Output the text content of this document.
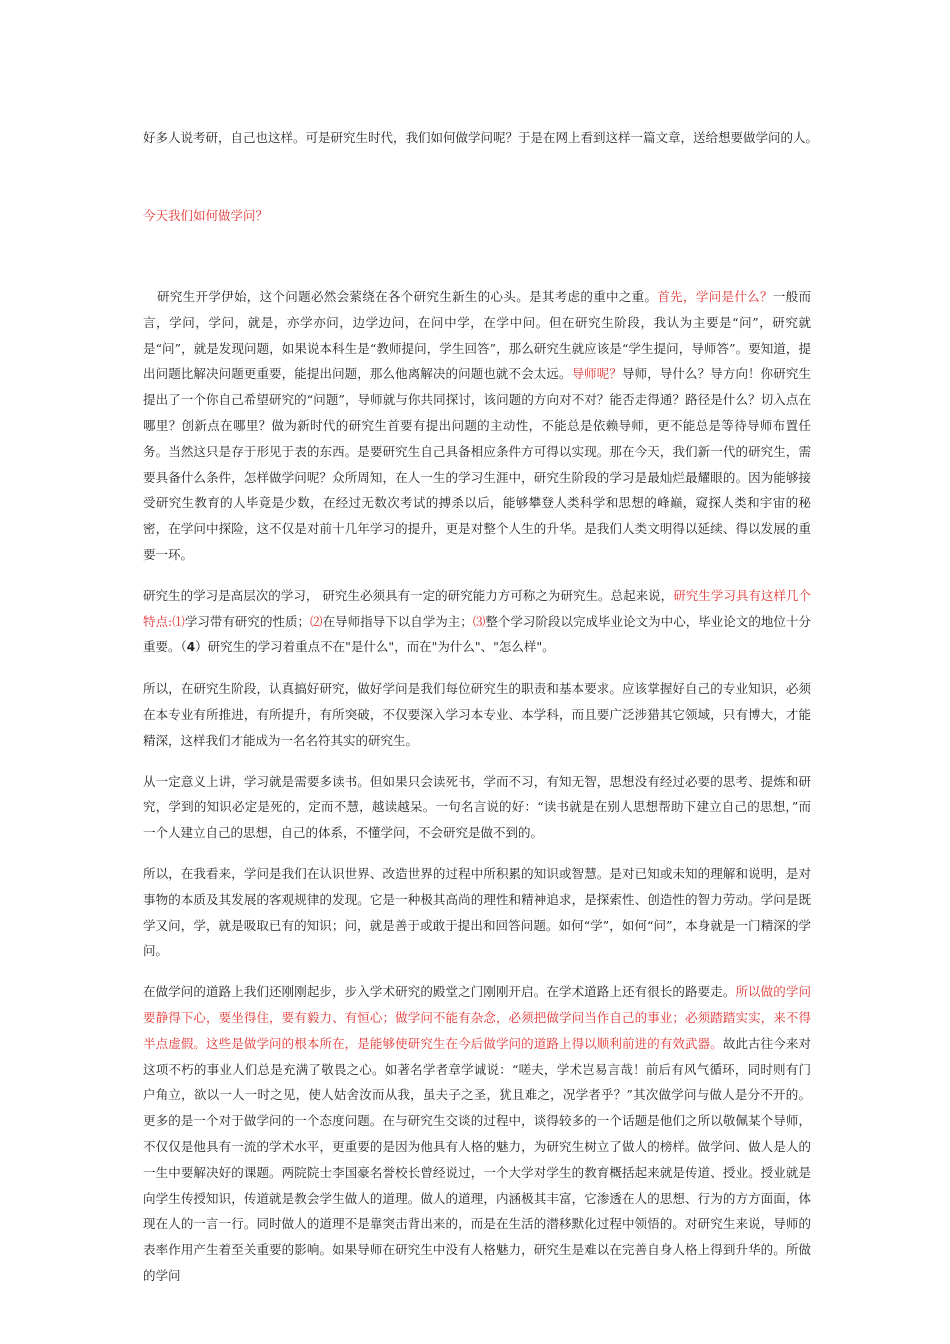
好多人说考研，自己也这样。可是研究生时代，我们如何做学问呢？于是在网上看到这样一篇文章，送给想要做学问的人。
今天我们如何做学问？

研究生开学伊始，这个问题必然会萦绕在各个研究生新生的心头。是其考虑的重中之重。首先，学问是什么？一般而言，学问，学问，就是，亦学亦问，边学边问，在问中学，在学中问。但在研究生阶段，我认为主要是“问”，研究就是“问”，就是发现问题，如果说本科生是“教师提问，学生回答”，那么研究生就应该是“学生提问，导师答”。要知道，提出问题比解决问题更重要，能提出问题，那么他离解决的问题也就不会太远。导师呢？导师，导什么？导方向！你研究生提出了一个你自己希望研究的“问题”，导师就与你共同探讨，该问题的方向对不对？能否走得通？路径是什么？切入点在哪里？创新点在哪里？做为新时代的研究生首要有提出问题的主动性，不能总是依赖导师，更不能总是等待导师布置任务。当然这只是存于形见于表的东西。是要研究生自己具备相应条件方可得以实现。那在今天，我们新一代的研究生，需要具备什么条件，怎样做学问呢？众所周知，在人一生的学习生涯中，研究生阶段的学习是最灿烂最耀眼的。因为能够接受研究生教育的人毕竟是少数，在经过无数次考试的搏杀以后，能够攀登人类科学和思想的峰巅，窥探人类和宇宙的秘密，在学问中探险，这不仅是对前十几年学习的提升，更是对整个人生的升华。是我们人类文明得以延续、得以发展的重要一环。

研究生的学习是高层次的学习， 研究生必须具有一定的研究能力方可称之为研究生。总起来说，研究生学习具有这样几个特点:⑴学习带有研究的性质；⑵在导师指导下以自学为主；⑶整个学习阶段以完成毕业论文为中心，毕业论文的地位十分重要。（4）研究生的学习着重点不在"是什么"，而在"为什么"、"怎么样"。

所以，在研究生阶段，认真搞好研究，做好学问是我们每位研究生的职责和基本要求。应该掌握好自己的专业知识，必须在本专业有所推进，有所提升，有所突破，不仅要深入学习本专业、本学科，而且要广泛涉猎其它领域，只有博大，才能精深，这样我们才能成为一名名符其实的研究生。

从一定意义上讲，学习就是需要多读书。但如果只会读死书，学而不习，有知无智，思想没有经过必要的思考、提炼和研究，学到的知识必定是死的，定而不慧，越读越呆。一句名言说的好：“读书就是在别人思想帮助下建立自己的思想，”而一个人建立自己的思想，自己的体系，不懂学问，不会研究是做不到的。

所以，在我看来，学问是我们在认识世界、改造世界的过程中所积累的知识或智慧。是对已知或未知的理解和说明，是对事物的本质及其发展的客观规律的发现。它是一种极其高尚的理性和精神追求，是探索性、创造性的智力劳动。学问是既学又问，学，就是吸取已有的知识；问，就是善于或敢于提出和回答问题。如何“学”，如何“问”，本身就是一门精深的学问。

在做学问的道路上我们还刚刚起步，步入学术研究的殿堂之门刚刚开启。在学术道路上还有很长的路要走。所以做的学问要静得下心，要坐得住，要有毅力、有恒心；做学问不能有杂念，必须把做学问当作自己的事业；必须踏踏实实，来不得半点虚假。这些是做学问的根本所在，是能够使研究生在今后做学问的道路上得以顺利前进的有效武器。故此古往今来对这项不朽的事业人们总是充满了敬畏之心。如著名学者章学诚说：“嗟夫，学术岂易言哉！前后有风气循环，同时则有门户角立，欲以一人一时之见，使人姑舍汝而从我，虽夫子之圣，犹且难之，况学者乎？”其次做学问与做人是分不开的。更多的是一个对于做学问的一个态度问题。在与研究生交谈的过程中，谈得较多的一个话题是他们之所以敬佩某个导师，不仅仅是他具有一流的学术水平，更重要的是因为他具有人格的魅力，为研究生树立了做人的榜样。做学问、做人是人的一生中要解决好的课题。两院院士李国豪名誉校长曾经说过，一个大学对学生的教育概括起来就是传道、授业。授业就是向学生传授知识，传道就是教会学生做人的道理。做人的道理，内涵极其丰富，它渗透在人的思想、行为的方方面面，体现在人的一言一行。同时做人的道理不是靠突击背出来的，而是在生活的潜移默化过程中领悟的。对研究生来说，导师的表率作用产生着至关重要的影响。如果导师在研究生中没有人格魅力，研究生是难以在完善自身人格上得到升华的。所做的学问
